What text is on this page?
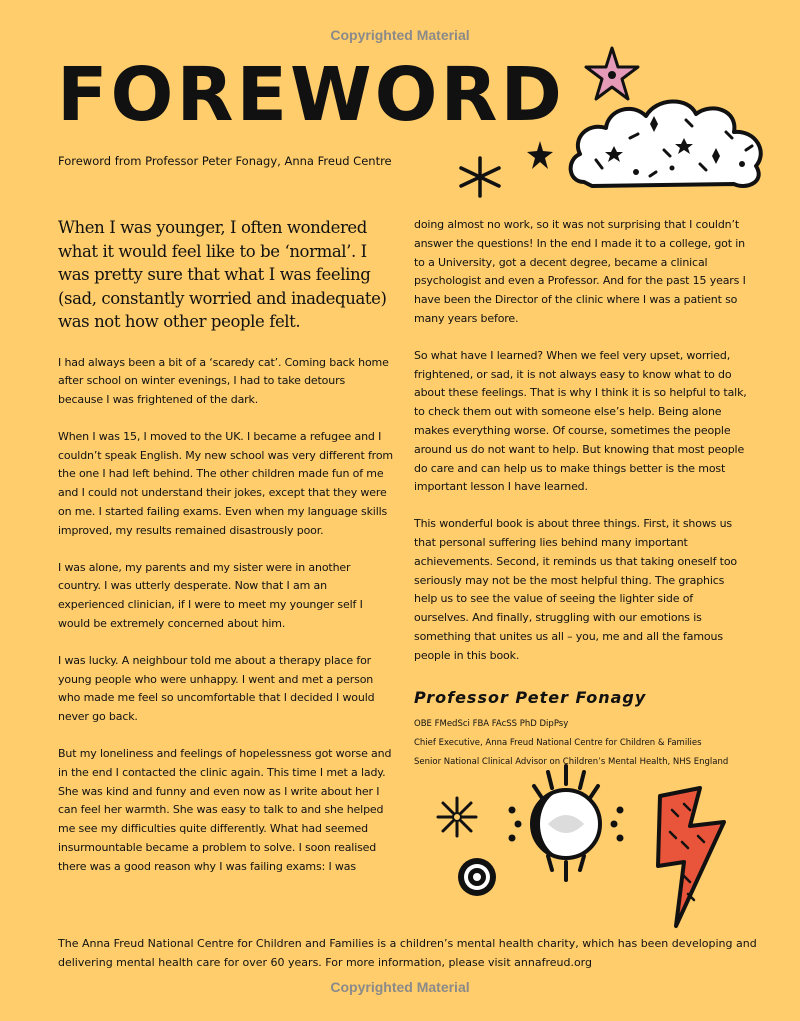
Copyrighted Material
FOREWORD

Foreword from Professor Peter Fonagy, Anna Freud Centre

When I was younger, I often wondered what it would feel like to be ‘normal’. I was pretty sure that what I was feeling (sad, constantly worried and inadequate) was not how other people felt.

I had always been a bit of a ‘scaredy cat’. Coming back home after school on winter evenings, I had to take detours because I was frightened of the dark.

When I was 15, I moved to the UK. I became a refugee and I couldn’t speak English. My new school was very different from the one I had left behind. The other children made fun of me and I could not understand their jokes, except that they were on me. I started failing exams. Even when my language skills improved, my results remained disastrously poor.

I was alone, my parents and my sister were in another country. I was utterly desperate. Now that I am an experienced clinician, if I were to meet my younger self I would be extremely concerned about him.

I was lucky. A neighbour told me about a therapy place for young people who were unhappy. I went and met a person who made me feel so uncomfortable that I decided I would never go back.

But my loneliness and feelings of hopelessness got worse and in the end I contacted the clinic again. This time I met a lady. She was kind and funny and even now as I write about her I can feel her warmth. She was easy to talk to and she helped me see my difficulties quite differently. What had seemed insurmountable became a problem to solve. I soon realised there was a good reason why I was failing exams: I was

doing almost no work, so it was not surprising that I couldn’t answer the questions! In the end I made it to a college, got in to a University, got a decent degree, became a clinical psychologist and even a Professor. And for the past 15 years I have been the Director of the clinic where I was a patient so many years before.

So what have I learned? When we feel very upset, worried, frightened, or sad, it is not always easy to know what to do about these feelings. That is why I think it is so helpful to talk, to check them out with someone else’s help. Being alone makes everything worse. Of course, sometimes the people around us do not want to help. But knowing that most people do care and can help us to make things better is the most important lesson I have learned.

This wonderful book is about three things. First, it shows us that personal suffering lies behind many important achievements. Second, it reminds us that taking oneself too seriously may not be the most helpful thing. The graphics help us to see the value of seeing the lighter side of ourselves. And finally, struggling with our emotions is something that unites us all – you, me and all the famous people in this book.

Professor Peter Fonagy

OBE FMedSci FBA FAcSS PhD DipPsy

Chief Executive, Anna Freud National Centre for Children & Families

Senior National Clinical Advisor on Children’s Mental Health, NHS England

The Anna Freud National Centre for Children and Families is a children’s mental health charity, which has been developing and delivering mental health care for over 60 years. For more information, please visit annafreud.org

Copyrighted Material
